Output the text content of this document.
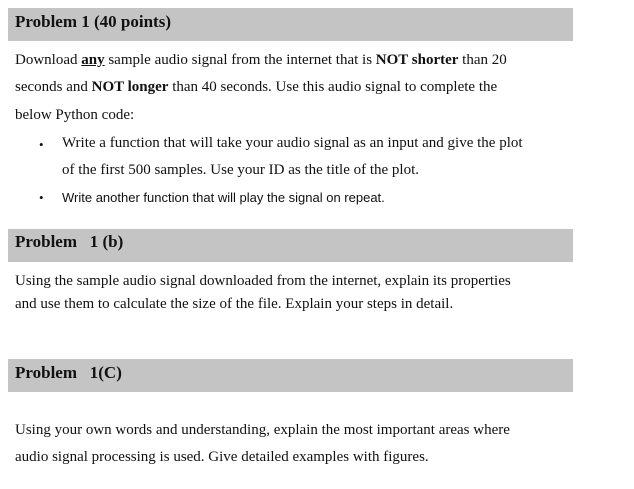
Problem 1 (40 points)
Download any sample audio signal from the internet that is NOT shorter than 20
seconds and NOT longer than 40 seconds. Use this audio signal to complete the
below Python code:
• Write a function that will take your audio signal as an input and give the plot
of the first 500 samples. Use your ID as the title of the plot.
• Write another function that will play the signal on repeat.
Problem   1 (b)
Using the sample audio signal downloaded from the internet, explain its properties
and use them to calculate the size of the file. Explain your steps in detail.
Problem   1(C)
Using your own words and understanding, explain the most important areas where
audio signal processing is used. Give detailed examples with figures.
